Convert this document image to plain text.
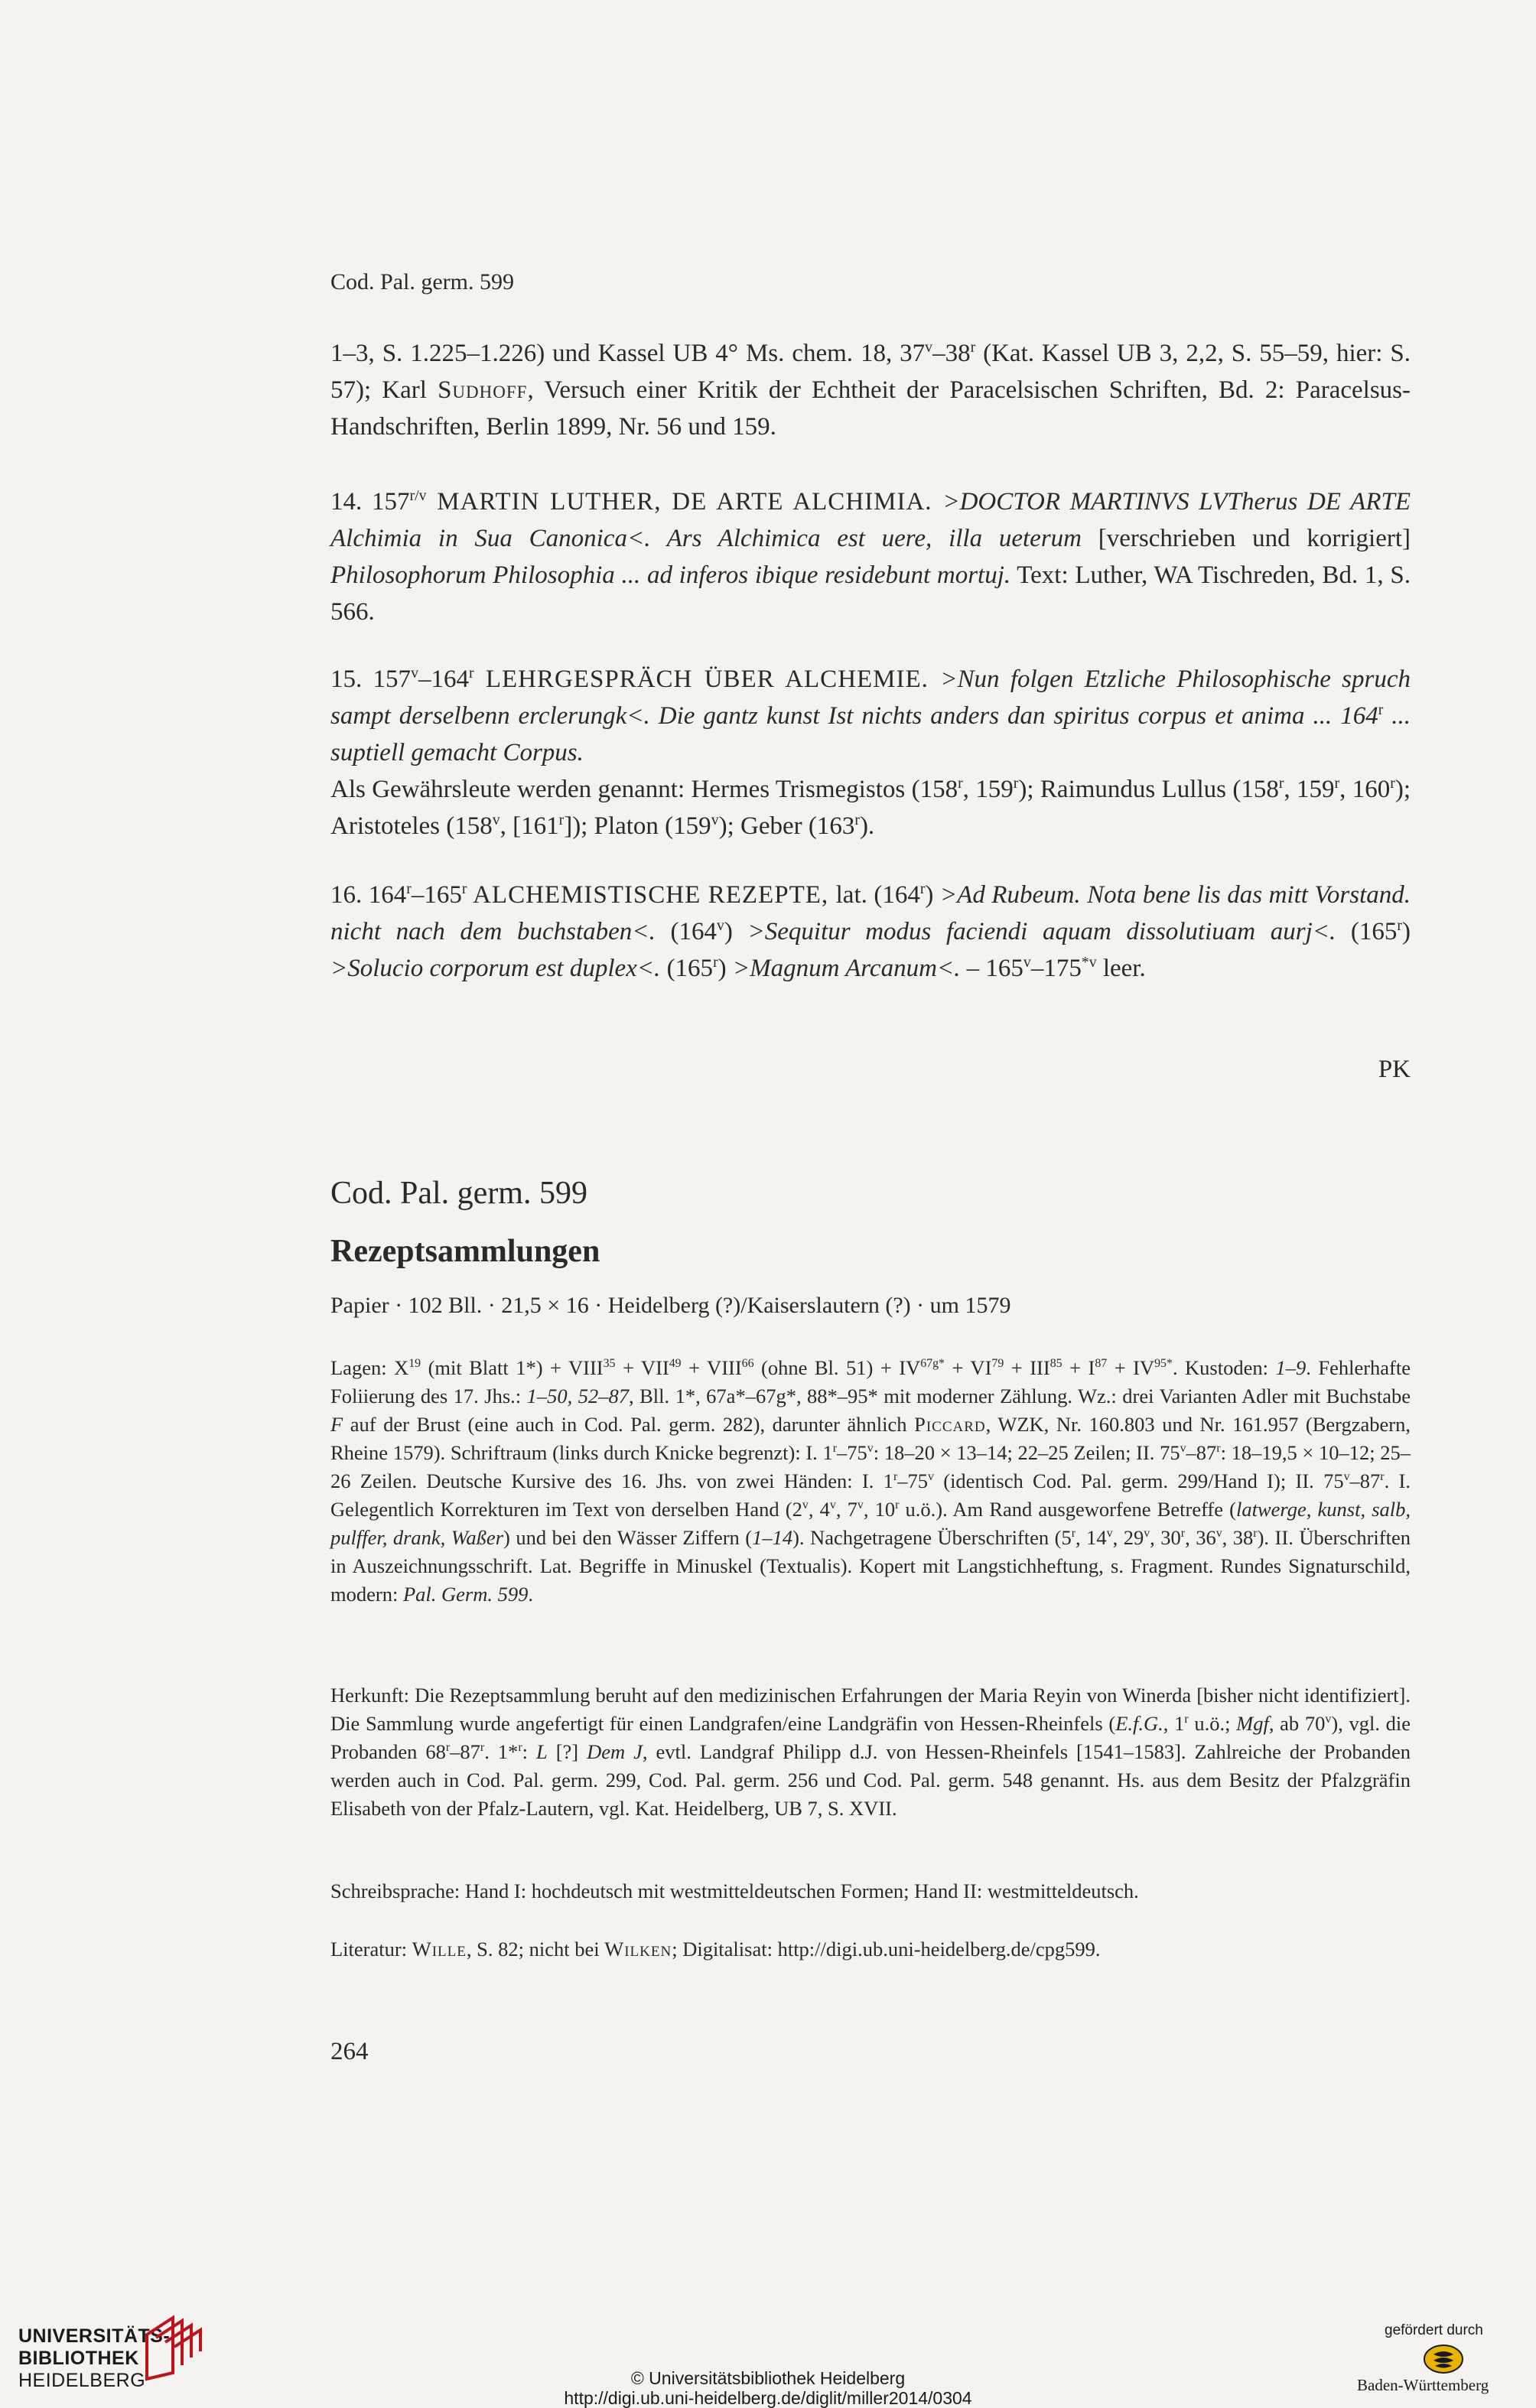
Cod. Pal. germ. 599

1–3, S. 1.225–1.226) und Kassel UB 4° Ms. chem. 18, 37$^v$–38$^r$ (Kat. Kassel UB 3, 2,2, S. 55–59, hier: S. 57); Karl Sudhoff, Versuch einer Kritik der Echtheit der Paracelsischen Schriften, Bd. 2: Paracelsus-Handschriften, Berlin 1899, Nr. 56 und 159.

14. $157^{r/v}$ MARTIN LUTHER, DE ARTE ALCHIMIA. >DOCTOR MARTINVS LVTherus DE ARTE Alchimia in Sua Canonica<. Ars Alchimica est uere, illa ueterum [verschrieben und korrigiert] Philosophorum Philosophia ... ad inferos ibique residebunt mortuj. Text: Luther, WA Tischreden, Bd. 1, S. 566.

15. 157$^v$–164$^r$ LEHRGESPRÄCH ÜBER ALCHEMIE. >Nun folgen Etzliche Philosophische spruch sampt derselbenn erclerungk<. Die gantz kunst Ist nichts anders dan spiritus corpus et anima ... 164$^r$ ... suptiell gemacht Corpus.

Als Gewährsleute werden genannt: Hermes Trismegistos (158$^r$, 159$^r$); Raimundus Lullus (158$^r$, 159$^r$, 160$^r$); Aristoteles (158$^v$, [161$^r$]); Platon (159$^v$); Geber (163$^r$).

16. 164$^r$–165$^r$ ALCHEMISTISCHE REZEPTE, lat. $(164^r) >Ad$ Rubeum. Nota bene lis das mitt Vorstand. nicht nach dem buchstaben<. $(164^v)$ >Sequitur modus faciendi aquam dissolutiuam aurj<. $(165^r)$ >Solucio corporum est duplex<. $(165^r)$ >Magnum Arcanum<. – 165$^v$–175$^{*v}$ leer.

PK
Cod. Pal. germ. 599
Rezeptsammlungen
Papier · 102 Bll. · 21,5 × 16 · Heidelberg (?)/Kaiserslautern (?) · um 1579

Lagen: $X^{19}$ (mit Blatt $1*) + VIII^{35} + VII^{49}$ + $VIII^{66}$ (ohne Bl. $51) + IV^{67g*} + VI^{79} + III^{85} + I^{87} + IV^{95*}$. Kustoden: 1–9. Fehlerhafte Foliierung des 17. Jhs.: 1–50, 52–87, Bll. 1*, 67a*–67g*, 88*–95* mit moderner Zählung. Wz.: drei Varianten Adler mit Buchstabe F auf der Brust (eine auch in Cod. Pal. germ. 282), darunter ähnlich Piccard, WZK, Nr. 160.803 und Nr. 161.957 (Bergzabern, Rheine 1579). Schriftraum (links durch Knicke begrenzt): I. 1$^r$–75$^v$: 18–20 × 13–14; 22–25 Zeilen; II. 75$^v$–87$^r$: 18–19,5 × 10–12; 25–26 Zeilen. Deutsche Kursive des 16. Jhs. von zwei Händen: I. 1$^r$–75$^v$ (identisch Cod. Pal. germ. 299/Hand I); II. 75$^v$–87$^r$. I. Gelegentlich Korrekturen im Text von derselben Hand (2$^v$, 4$^v$, 7$^v$, 10$^r$ u.ö.). Am Rand ausgeworfene Betreffe (latwerge, kunst, salb, pulffer, drank, Waßer) und bei den Wässer Ziffern (1–14). Nachgetragene Überschriften (5$^r$, 14$^v$, 29$^v$, 30$^r$, 36$^v$, 38$^r$). II. Überschriften in Auszeichnungsschrift. Lat. Begriffe in Minuskel (Textualis). Kopert mit Langstichheftung, s. Fragment. Rundes Signaturschild, modern: Pal. Germ. 599.

Herkunft: Die Rezeptsammlung beruht auf den medizinischen Erfahrungen der Maria Reyin von Winerda [bisher nicht identifiziert]. Die Sammlung wurde angefertigt für einen Landgrafen/eine Landgräfin von Hessen-Rheinfels (E.f.G., 1$^r$ u.ö.; Mgf, ab 70$^v$), vgl. die Probanden 68$^r$–87$^r$. 1*$^r$: L [?] Dem J, evtl. Landgraf Philipp d.J. von Hessen-Rheinfels [1541–1583]. Zahlreiche der Probanden werden auch in Cod. Pal. germ. 299, Cod. Pal. germ. 256 und Cod. Pal. germ. 548 genannt. Hs. aus dem Besitz der Pfalzgräfin Elisabeth von der Pfalz-Lautern, vgl. Kat. Heidelberg, UB 7, S. XVII.

Schreibsprache: Hand I: hochdeutsch mit westmitteldeutschen Formen; Hand II: westmitteldeutsch.

Literatur: Wille, S. 82; nicht bei Wilken; Digitalisat: http://digi.ub.uni-heidelberg.de/cpg599.

264
UNIVERSITÄTS-
BIBLIOTHEK
HEIDELBERG	© Universitätsbibliothek Heidelberg
http://digi.ub.uni-heidelberg.de/diglit/miller2014/0304
gefördert durch
Baden-Württemberg
